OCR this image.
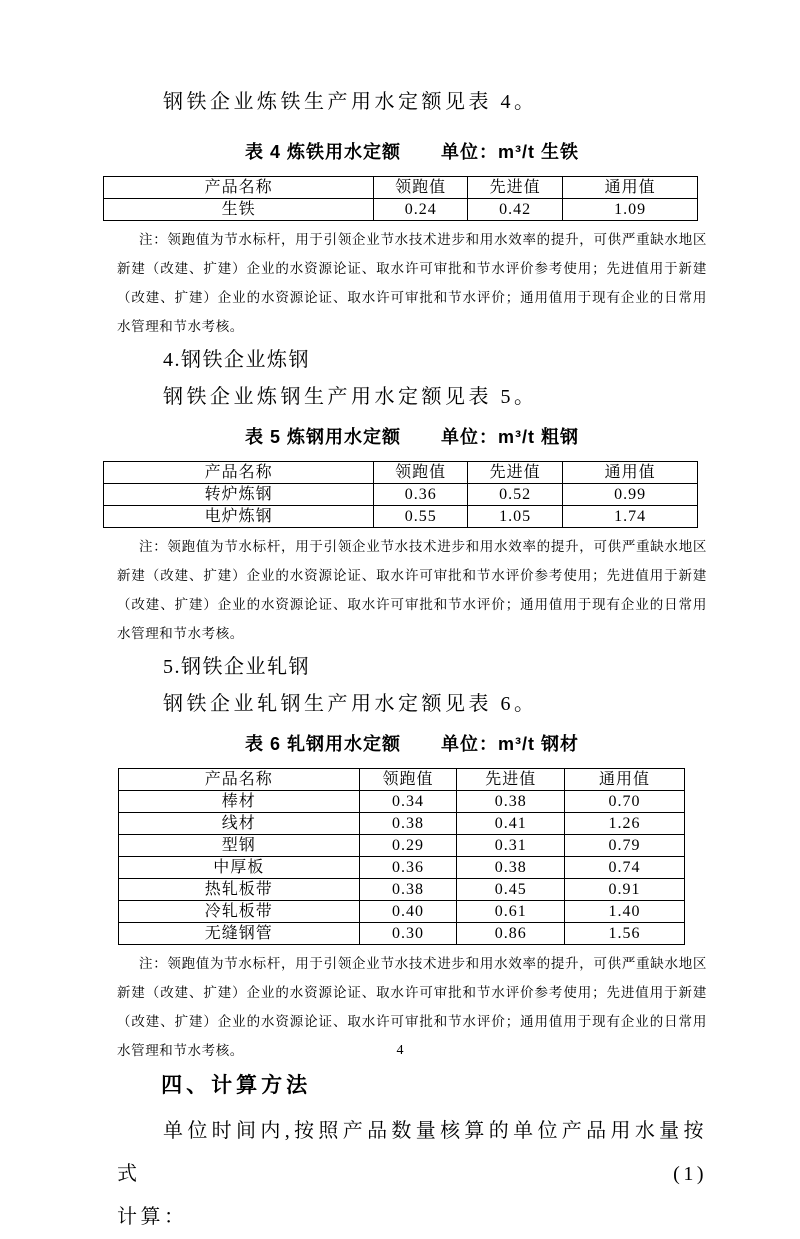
钢铁企业炼铁生产用水定额见表 4。

表 4 炼铁用水定额 单位：m³/t 生铁
产品名称	领跑值	先进值	通用值
生铁	0.24	0.42	1.09

注：领跑值为节水标杆，用于引领企业节水技术进步和用水效率的提升，可供严重缺水地区新建（改建、扩建）企业的水资源论证、取水许可审批和节水评价参考使用；先进值用于新建（改建、扩建）企业的水资源论证、取水许可审批和节水评价；通用值用于现有企业的日常用水管理和节水考核。

4.钢铁企业炼钢

钢铁企业炼钢生产用水定额见表 5。

表 5 炼钢用水定额 单位：m³/t 粗钢
产品名称	领跑值	先进值	通用值
转炉炼钢	0.36	0.52	0.99
电炉炼钢	0.55	1.05	1.74

注：领跑值为节水标杆，用于引领企业节水技术进步和用水效率的提升，可供严重缺水地区新建（改建、扩建）企业的水资源论证、取水许可审批和节水评价参考使用；先进值用于新建（改建、扩建）企业的水资源论证、取水许可审批和节水评价；通用值用于现有企业的日常用水管理和节水考核。

5.钢铁企业轧钢

钢铁企业轧钢生产用水定额见表 6。

表 6 轧钢用水定额 单位：m³/t 钢材
产品名称	领跑值	先进值	通用值
棒材	0.34	0.38	0.70
线材	0.38	0.41	1.26
型钢	0.29	0.31	0.79
中厚板	0.36	0.38	0.74
热轧板带	0.38	0.45	0.91
冷轧板带	0.40	0.61	1.40
无缝钢管	0.30	0.86	1.56

注：领跑值为节水标杆，用于引领企业节水技术进步和用水效率的提升，可供严重缺水地区新建（改建、扩建）企业的水资源论证、取水许可审批和节水评价参考使用；先进值用于新建（改建、扩建）企业的水资源论证、取水许可审批和节水评价；通用值用于现有企业的日常用水管理和节水考核。

四、计算方法

单位时间内,按照产品数量核算的单位产品用水量按式(1)
计算：
4
